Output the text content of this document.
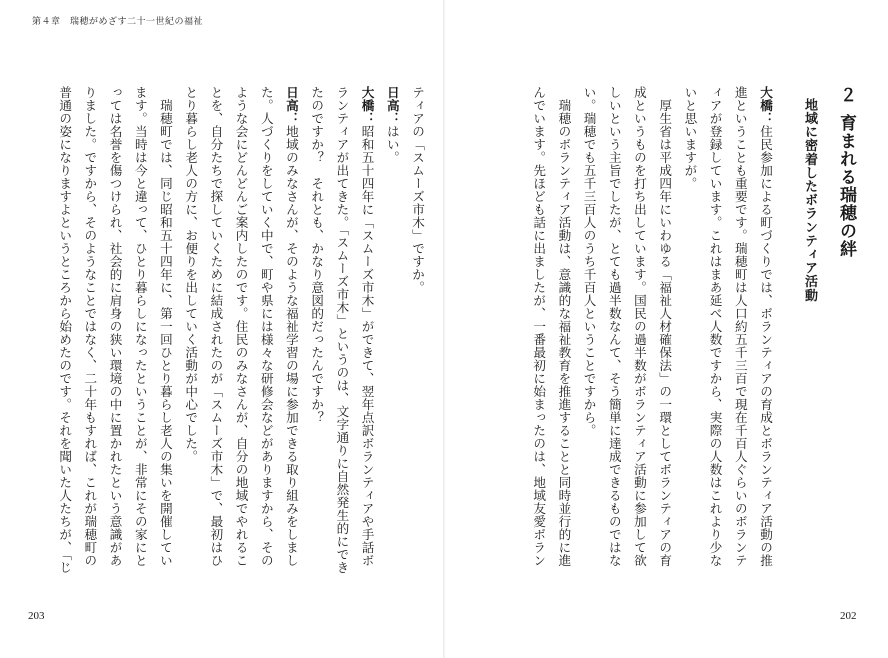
第４章　瑞穂がめざす二十一世紀の福祉
２育まれる瑞穂の絆
地域に密着したボランティア活動
大橋：住民参加による町づくりでは、ボランティアの育成とボランティア活動の推
進ということも重要です。瑞穂町は人口約五千三百で現在千百人ぐらいのボランテ
ィアが登録しています。これはまあ延べ人数ですから、実際の人数はこれより少な
いと思いますが。
　厚生省は平成四年にいわゆる「福祉人材確保法」の一環としてボランティアの育
成というものを打ち出しています。国民の過半数がボランティア活動に参加して欲
しいという主旨でしたが、とても過半数なんて、そう簡単に達成できるものではな
い。瑞穂でも五千三百人のうち千百人ということですから。
　瑞穂のボランティア活動は、意識的な福祉教育を推進することと同時並行的に進
んでいます。先ほども話に出ましたが、一番最初に始まったのは、地域友愛ボラン
ティアの「スムーズ市木」ですか。
日高：はい。
大橋：昭和五十四年に「スムーズ市木」ができて、翌年点訳ボランティアや手話ボ
ランティアが出てきた。「スムーズ市木」というのは、文字通りに自然発生的にでき
たのですか？　それとも、かなり意図的だったんですか？
日高：地域のみなさんが、そのような福祉学習の場に参加できる取り組みをしまし
た。人づくりをしていく中で、町や県には様々な研修会などがありますから、その
ような会にどんどんご案内したのです。住民のみなさんが、自分の地域でやれるこ
とを、自分たちで探していくために結成されたのが「スムーズ市木」で、最初はひ
とり暮らし老人の方に、お便りを出していく活動が中心でした。
　瑞穂町では、同じ昭和五十四年に、第一回ひとり暮らし老人の集いを開催してい
ます。当時は今と違って、ひとり暮らしになったということが、非常にその家にと
っては名誉を傷つけられ、社会的に肩身の狭い環境の中に置かれたという意識があ
りました。ですから、そのようなことではなく、二十年もすれば、これが瑞穂町の
普通の姿になりますよというところから始めたのです。それを聞いた人たちが、「じ
203	202
